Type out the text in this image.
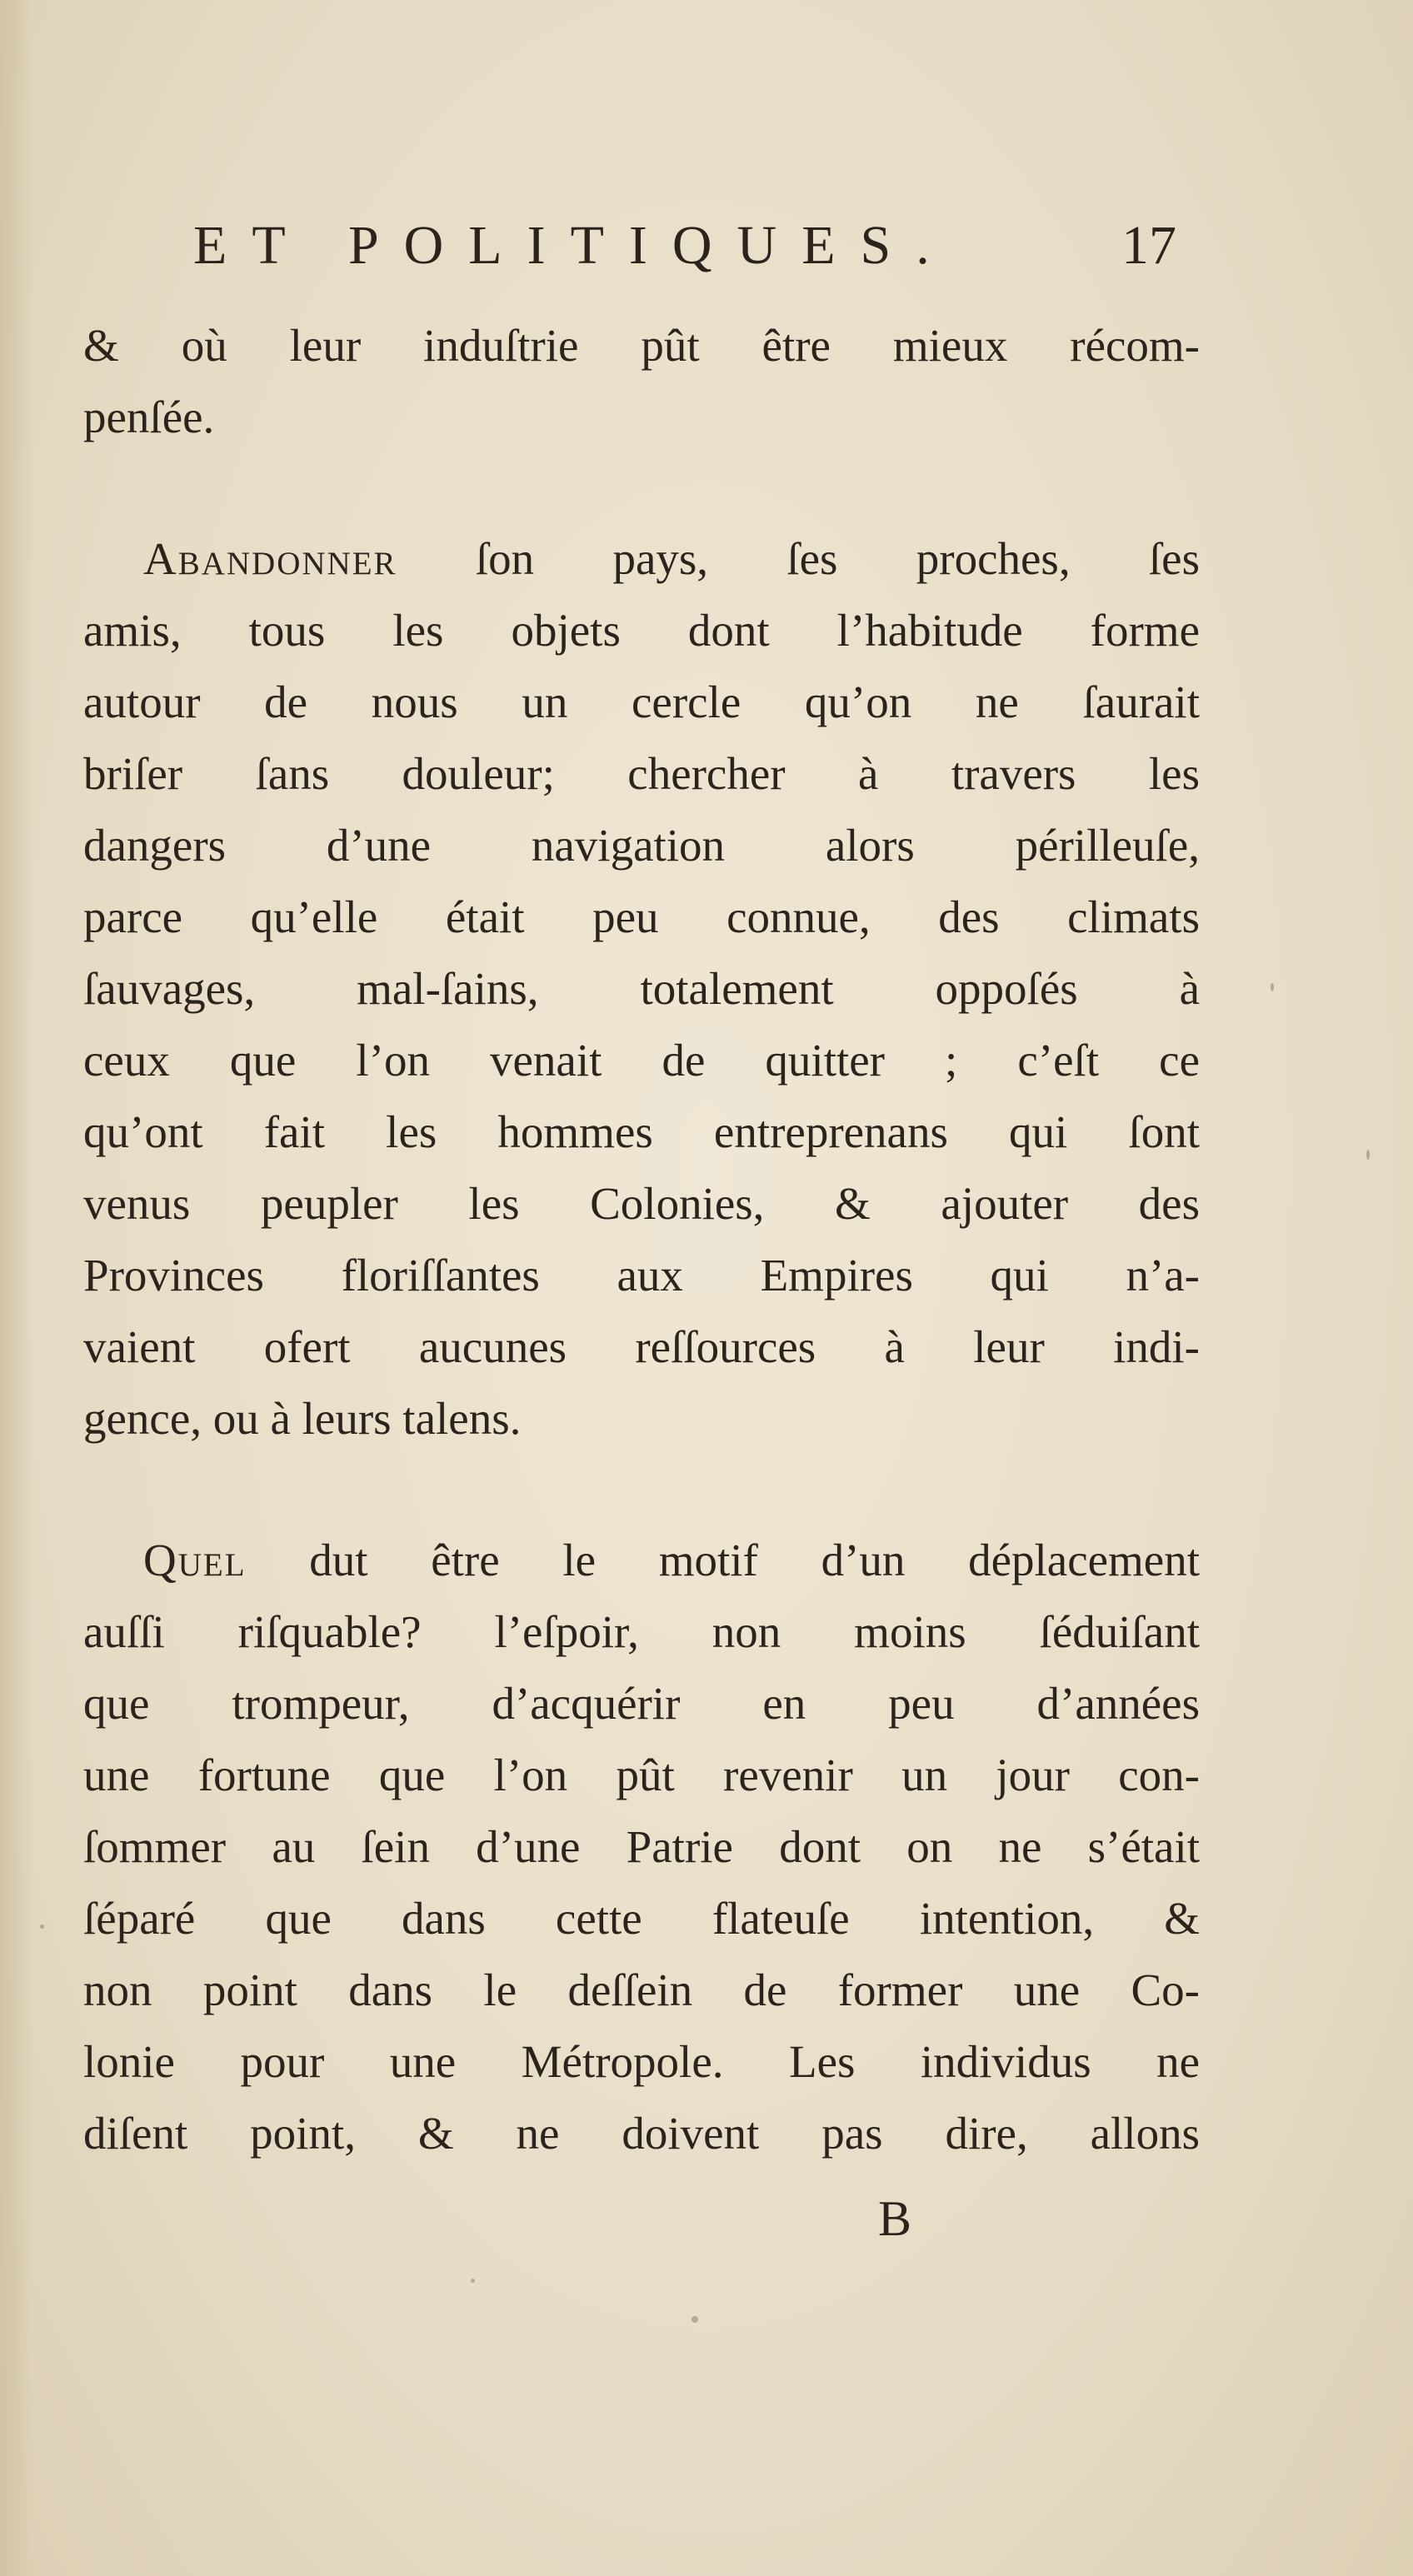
ET POLITIQUES.	17
& où leur induſtrie pût être mieux récom-
penſée.
Abandonner ſon pays, ſes proches, ſes
amis, tous les objets dont l’habitude forme
autour de nous un cercle qu’on ne ſaurait
briſer ſans douleur; chercher à travers les
dangers d’une navigation alors périlleuſe,
parce qu’elle était peu connue, des climats
ſauvages, mal-ſains, totalement oppoſés à
ceux que l’on venait de quitter ; c’eſt ce
qu’ont fait les hommes entreprenans qui ſont
venus peupler les Colonies, & ajouter des
Provinces floriſſantes aux Empires qui n’a-
vaient ofert aucunes reſſources à leur indi-
gence, ou à leurs talens.
Quel dut être le motif d’un déplacement
auſſi riſquable? l’eſpoir, non moins ſéduiſant
que trompeur, d’acquérir en peu d’années
une fortune que l’on pût revenir un jour con-
ſommer au ſein d’une Patrie dont on ne s’était
ſéparé que dans cette flateuſe intention, &
non point dans le deſſein de former une Co-
lonie pour une Métropole. Les individus ne
diſent point, & ne doivent pas dire, allons
B
